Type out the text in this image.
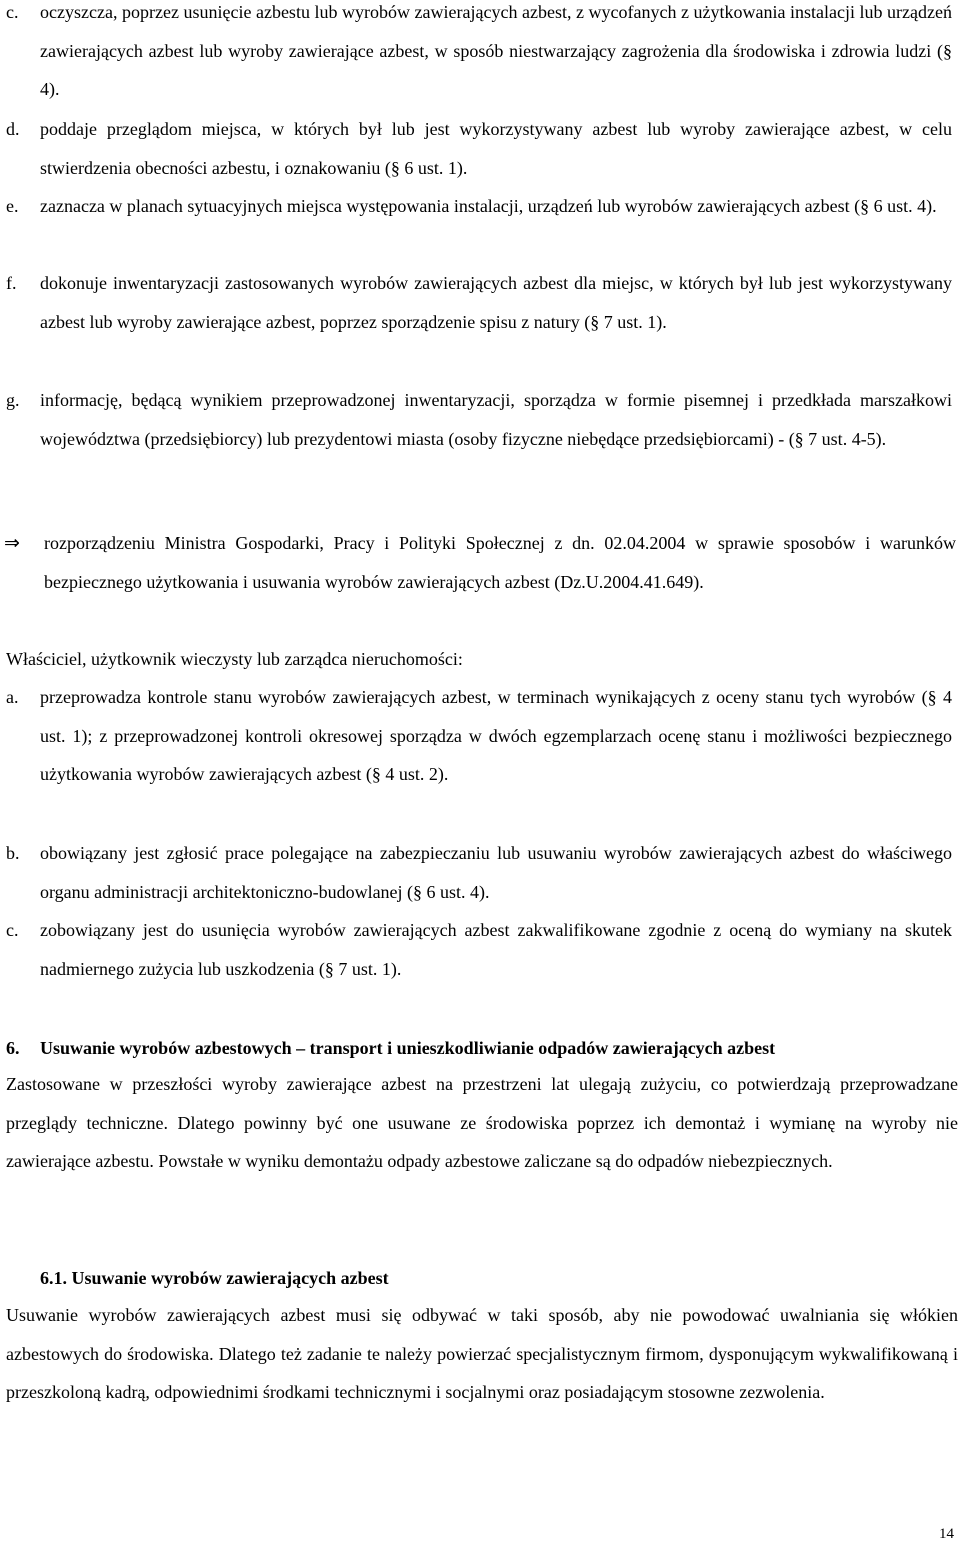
c. oczyszcza, poprzez usunięcie azbestu lub wyrobów zawierających azbest, z wycofanych z użytkowania instalacji lub urządzeń zawierających azbest lub wyroby zawierające azbest, w sposób niestwarzający zagrożenia dla środowiska i zdrowia ludzi (§ 4).
d. poddaje przeglądom miejsca, w których był lub jest wykorzystywany azbest lub wyroby zawierające azbest, w celu stwierdzenia obecności azbestu, i oznakowaniu (§ 6 ust. 1).
e. zaznacza w planach sytuacyjnych miejsca występowania instalacji, urządzeń lub wyrobów zawierających azbest (§ 6 ust. 4).
f. dokonuje inwentaryzacji zastosowanych wyrobów zawierających azbest dla miejsc, w których był lub jest wykorzystywany azbest lub wyroby zawierające azbest, poprzez sporządzenie spisu z natury (§ 7 ust. 1).
g. informację, będącą wynikiem przeprowadzonej inwentaryzacji, sporządza w formie pisemnej i przedkłada marszałkowi województwa (przedsiębiorcy) lub prezydentowi miasta (osoby fizyczne niebędące przedsiębiorcami) - (§ 7 ust. 4-5).
⇒ rozporządzeniu Ministra Gospodarki, Pracy i Polityki Społecznej z dn. 02.04.2004 w sprawie sposobów i warunków bezpiecznego użytkowania i usuwania wyrobów zawierających azbest (Dz.U.2004.41.649).
Właściciel, użytkownik wieczysty lub zarządca nieruchomości:
a. przeprowadza kontrole stanu wyrobów zawierających azbest, w terminach wynikających z oceny stanu tych wyrobów (§ 4 ust. 1); z przeprowadzonej kontroli okresowej sporządza w dwóch egzemplarzach ocenę stanu i możliwości bezpiecznego użytkowania wyrobów zawierających azbest (§ 4 ust. 2).
b. obowiązany jest zgłosić prace polegające na zabezpieczaniu lub usuwaniu wyrobów zawierających azbest do właściwego organu administracji architektoniczno-budowlanej (§ 6 ust. 4).
c. zobowiązany jest do usunięcia wyrobów zawierających azbest zakwalifikowane zgodnie z oceną do wymiany na skutek nadmiernego zużycia lub uszkodzenia (§ 7 ust. 1).
6. Usuwanie wyrobów azbestowych – transport i unieszkodliwianie odpadów zawierających azbest
Zastosowane w przeszłości wyroby zawierające azbest na przestrzeni lat ulegają zużyciu, co potwierdzają przeprowadzane przeglądy techniczne. Dlatego powinny być one usuwane ze środowiska poprzez ich demontaż i wymianę na wyroby nie zawierające azbestu. Powstałe w wyniku demontażu odpady azbestowe zaliczane są do odpadów niebezpiecznych.
6.1. Usuwanie wyrobów zawierających azbest
Usuwanie wyrobów zawierających azbest musi się odbywać w taki sposób, aby nie powodować uwalniania się włókien azbestowych do środowiska. Dlatego też zadanie te należy powierzać specjalistycznym firmom, dysponującym wykwalifikowaną i przeszkoloną kadrą, odpowiednimi środkami technicznymi i socjalnymi oraz posiadającym stosowne zezwolenia.
14
